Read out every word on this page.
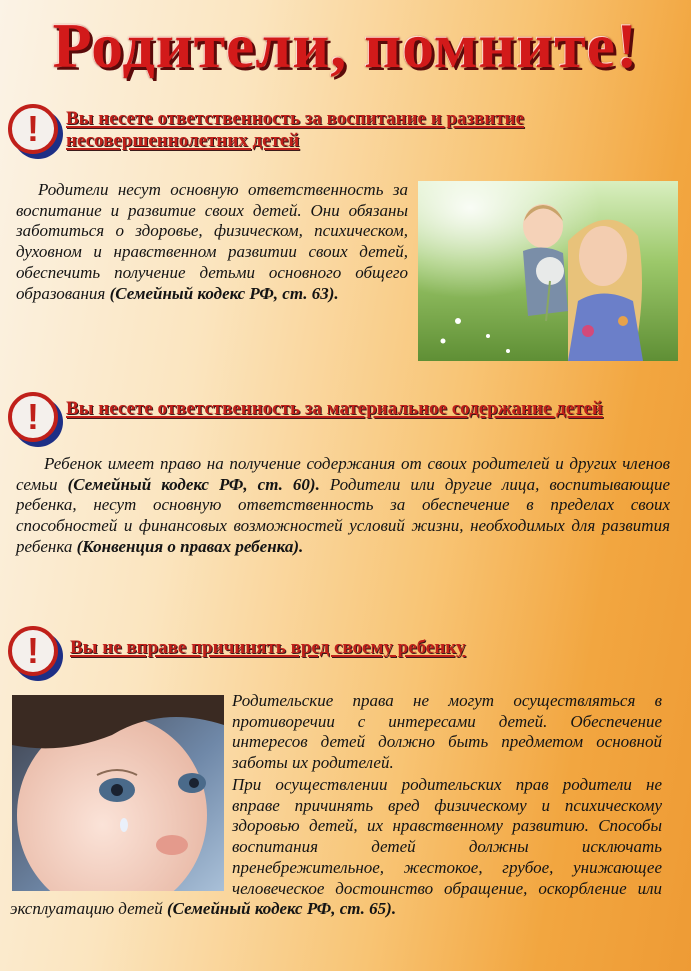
Родители, помните!
!	Вы несете ответственность за воспитание и развитие несовершеннолетних детей
Родители несут основную ответственность за воспитание и развитие своих детей. Они обязаны заботиться о здоровье, физическом, психическом, духовном и нравственном развитии своих детей, обеспечить получение детьми основного общего образования (Семейный кодекс РФ, ст. 63).
!	Вы несете ответственность за материальное содержание детей
Ребенок имеет право на получение содержания от своих родителей и других членов семьи (Семейный кодекс РФ, ст. 60). Родители или другие лица, воспитывающие ребенка, несут основную ответственность за обеспечение в пределах своих способностей и финансовых возможностей условий жизни, необходимых для развития ребенка (Конвенция о правах ребенка).
!	Вы не вправе причинять вред своему ребенку
Родительские права не могут осуществляться в противоречии с интересами детей. Обеспечение интересов детей должно быть предметом основной заботы их родителей.
При осуществлении родительских прав родители не вправе причинять вред физическому и психическому здоровью детей, их нравственному развитию. Способы воспитания детей должны исключать пренебрежительное, жестокое, грубое, унижающее человеческое достоинство обращение, оскорбление или эксплуатацию детей (Семейный кодекс РФ, ст. 65).
